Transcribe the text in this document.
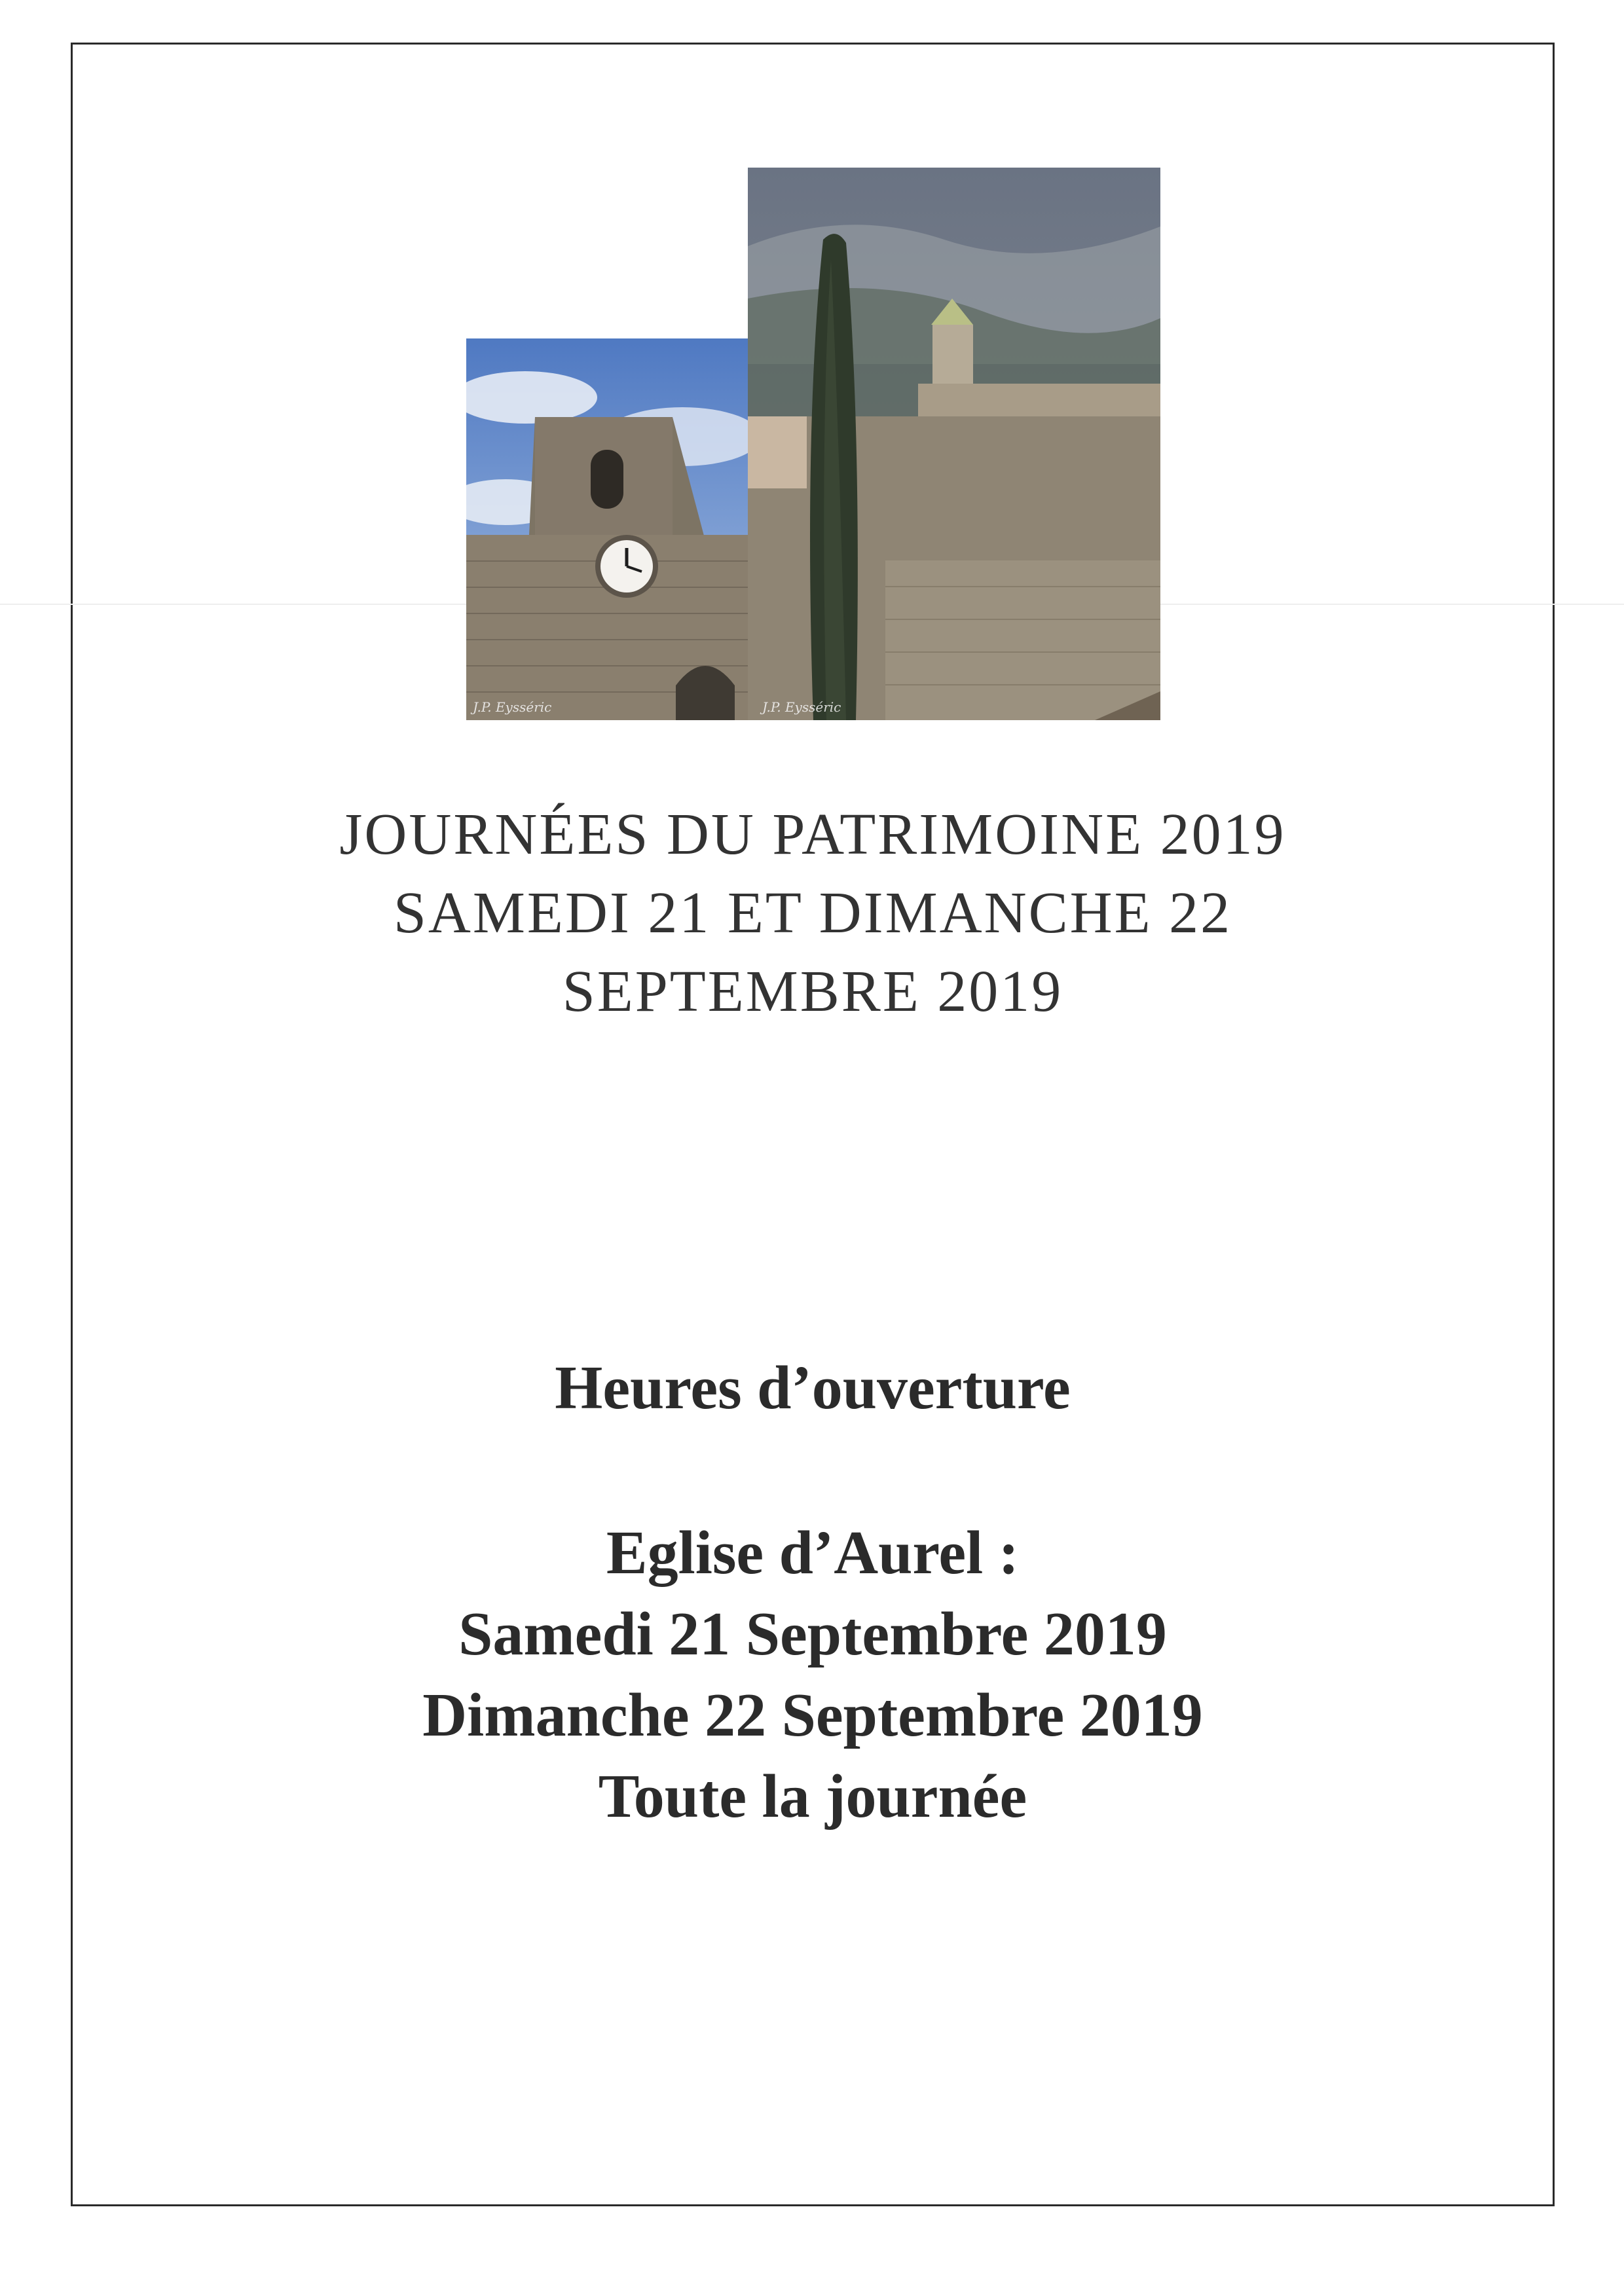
J.P. Eysséric	J.P. Eysséric
JOURNÉES DU PATRIMOINE 2019
SAMEDI 21 ET DIMANCHE 22
SEPTEMBRE 2019
Heures d’ouverture
Eglise d’Aurel :
Samedi 21 Septembre 2019
Dimanche 22 Septembre 2019
Toute la journée
